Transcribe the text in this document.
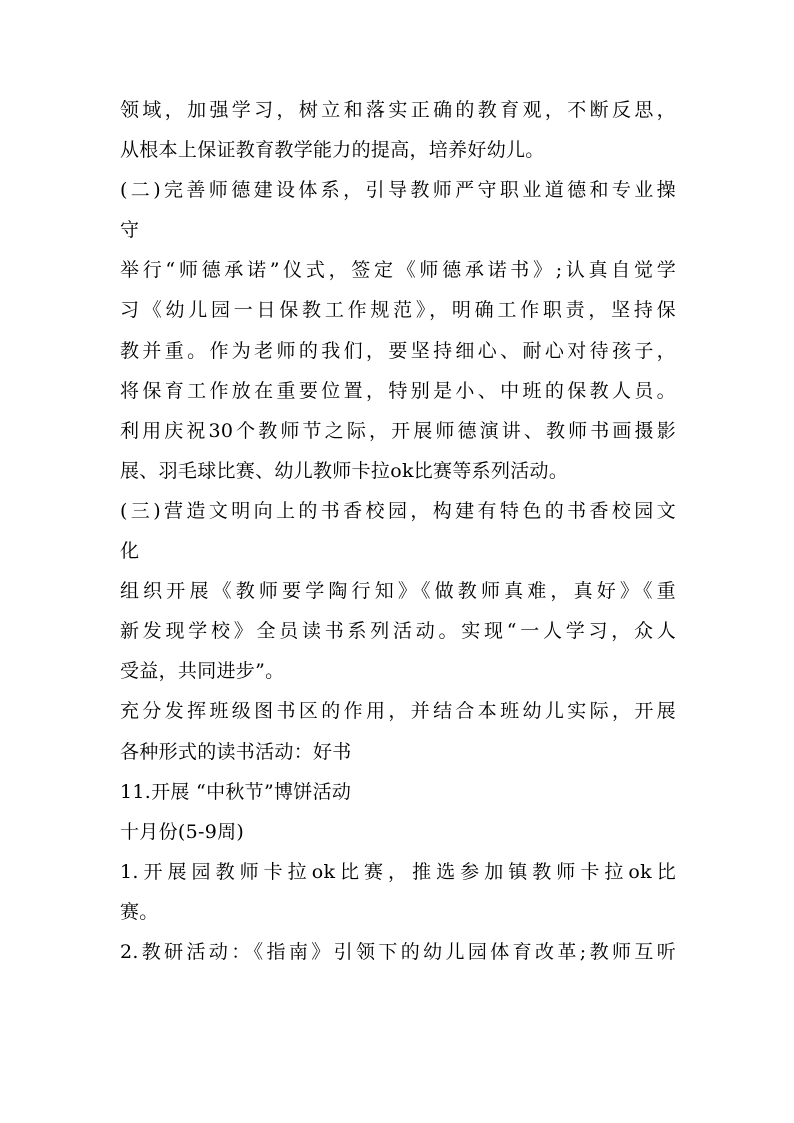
领域，加强学习，树立和落实正确的教育观，不断反思，
从根本上保证教育教学能力的提高，培养好幼儿。
(二)完善师德建设体系，引导教师严守职业道德和专业操
守
举行“师德承诺”仪式，签定《师德承诺书》;认真自觉学
习《幼儿园一日保教工作规范》，明确工作职责，坚持保
教并重。作为老师的我们，要坚持细心、耐心对待孩子，
将保育工作放在重要位置，特别是小、中班的保教人员。
利用庆祝30个教师节之际，开展师德演讲、教师书画摄影
展、羽毛球比赛、幼儿教师卡拉ok比赛等系列活动。
(三)营造文明向上的书香校园，构建有特色的书香校园文
化
组织开展《教师要学陶行知》《做教师真难，真好》《重
新发现学校》全员读书系列活动。实现“一人学习，众人
受益，共同进步”。
充分发挥班级图书区的作用，并结合本班幼儿实际，开展
各种形式的读书活动：好书
11.开展 “中秋节”博饼活动
十月份(5-9周)
1.开展园教师卡拉ok比赛，推选参加镇教师卡拉ok比
赛。
2.教研活动：《指南》引领下的幼儿园体育改革;教师互听
